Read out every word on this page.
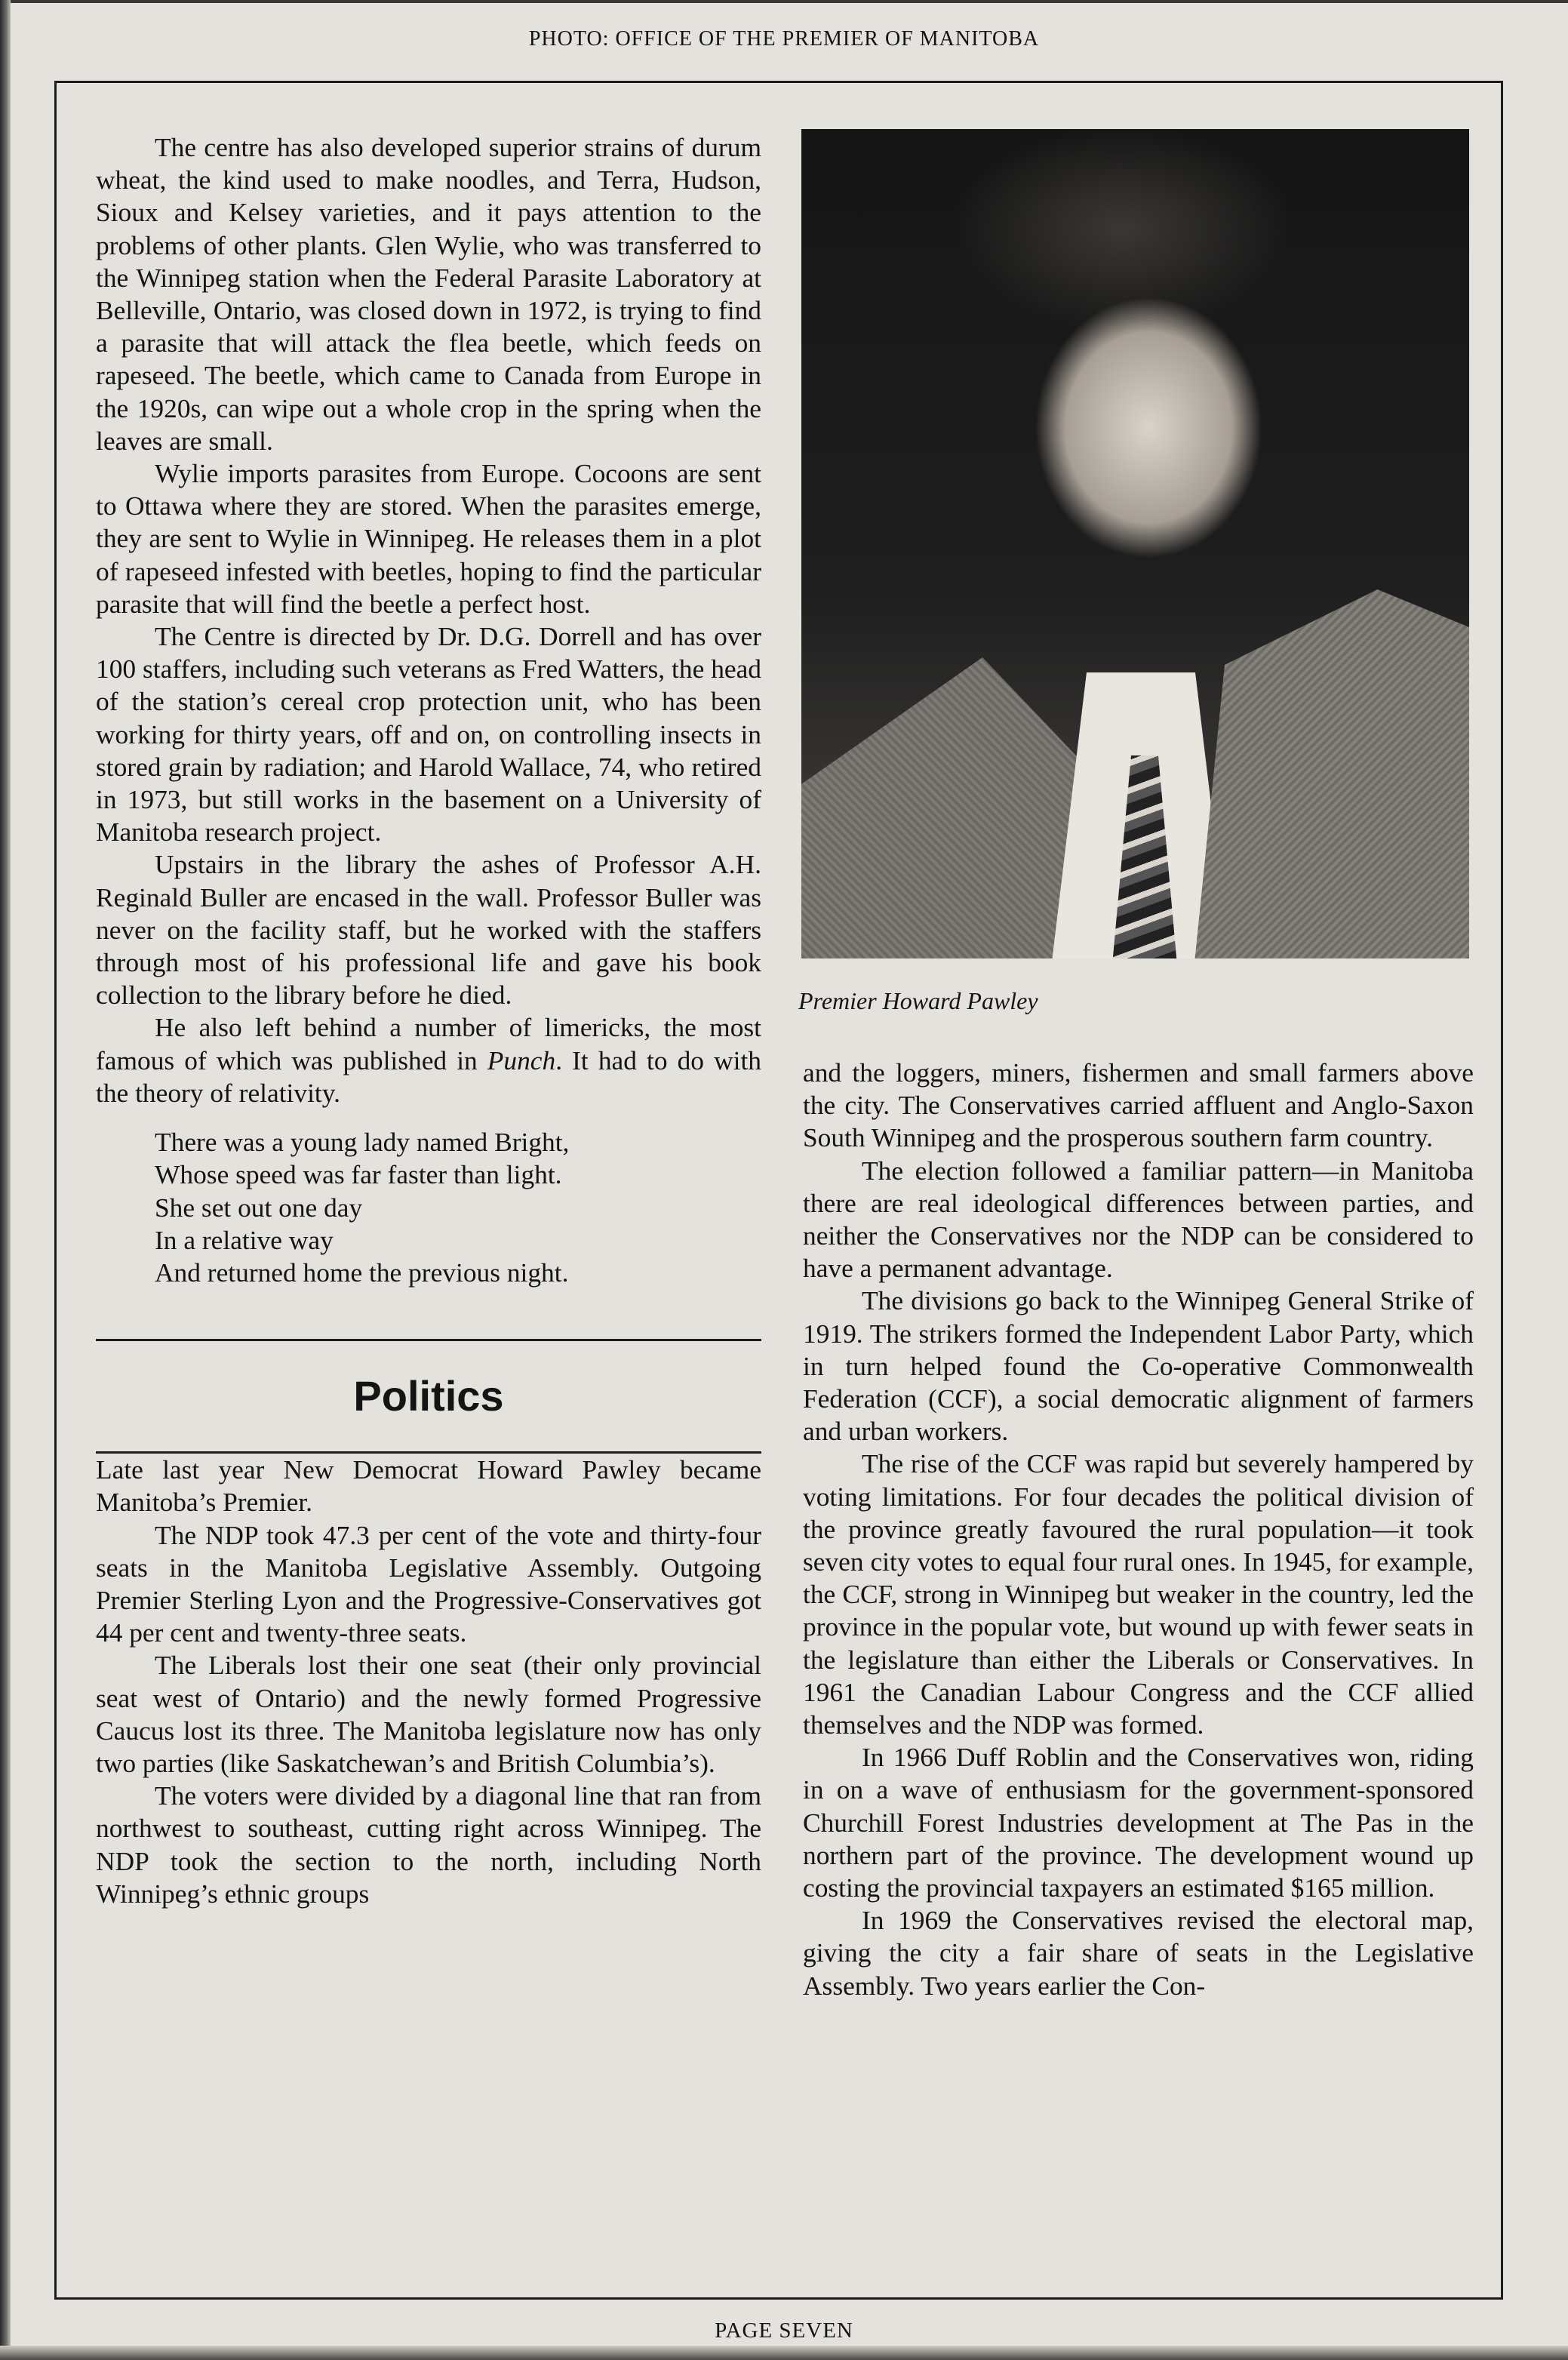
PHOTO: OFFICE OF THE PREMIER OF MANITOBA

The centre has also developed superior strains of durum wheat, the kind used to make noodles, and Terra, Hudson, Sioux and Kelsey varieties, and it pays attention to the problems of other plants. Glen Wylie, who was transferred to the Winnipeg station when the Federal Parasite Laboratory at Belleville, Ontario, was closed down in 1972, is trying to find a parasite that will attack the flea beetle, which feeds on rapeseed. The beetle, which came to Canada from Europe in the 1920s, can wipe out a whole crop in the spring when the leaves are small.

Wylie imports parasites from Europe. Cocoons are sent to Ottawa where they are stored. When the parasites emerge, they are sent to Wylie in Winnipeg. He releases them in a plot of rapeseed infested with beetles, hoping to find the particular parasite that will find the beetle a perfect host.

The Centre is directed by Dr. D.G. Dorrell and has over 100 staffers, including such veterans as Fred Watters, the head of the station’s cereal crop protection unit, who has been working for thirty years, off and on, on controlling insects in stored grain by radiation; and Harold Wallace, 74, who retired in 1973, but still works in the basement on a University of Manitoba research project.

Upstairs in the library the ashes of Professor A.H. Reginald Buller are encased in the wall. Professor Buller was never on the facility staff, but he worked with the staffers through most of his professional life and gave his book collection to the library before he died.

He also left behind a number of limericks, the most famous of which was published in Punch. It had to do with the theory of relativity.

There was a young lady named Bright,
Whose speed was far faster than light.
She set out one day
In a relative way
And returned home the previous night.
Politics

Late last year New Democrat Howard Pawley became Manitoba’s Premier.

The NDP took 47.3 per cent of the vote and thirty-four seats in the Manitoba Legislative Assembly. Outgoing Premier Sterling Lyon and the Progressive-Conservatives got 44 per cent and twenty-three seats.

The Liberals lost their one seat (their only provincial seat west of Ontario) and the newly formed Progressive Caucus lost its three. The Manitoba legislature now has only two parties (like Saskatchewan’s and British Columbia’s).

The voters were divided by a diagonal line that ran from northwest to southeast, cutting right across Winnipeg. The NDP took the section to the north, including North Winnipeg’s ethnic groups

Premier Howard Pawley

and the loggers, miners, fishermen and small farmers above the city. The Conservatives carried affluent and Anglo-Saxon South Winnipeg and the prosperous southern farm country.

The election followed a familiar pattern—in Manitoba there are real ideological differences between parties, and neither the Conservatives nor the NDP can be considered to have a permanent advantage.

The divisions go back to the Winnipeg General Strike of 1919. The strikers formed the Independent Labor Party, which in turn helped found the Co-operative Commonwealth Federation (CCF), a social democratic alignment of farmers and urban workers.

The rise of the CCF was rapid but severely hampered by voting limitations. For four decades the political division of the province greatly favoured the rural population—it took seven city votes to equal four rural ones. In 1945, for example, the CCF, strong in Winnipeg but weaker in the country, led the province in the popular vote, but wound up with fewer seats in the legislature than either the Liberals or Conservatives. In 1961 the Canadian Labour Congress and the CCF allied themselves and the NDP was formed.

In 1966 Duff Roblin and the Conservatives won, riding in on a wave of enthusiasm for the government-sponsored Churchill Forest Industries development at The Pas in the northern part of the province. The development wound up costing the provincial taxpayers an estimated $165 million.

In 1969 the Conservatives revised the electoral map, giving the city a fair share of seats in the Legislative Assembly. Two years earlier the Con-

PAGE SEVEN
